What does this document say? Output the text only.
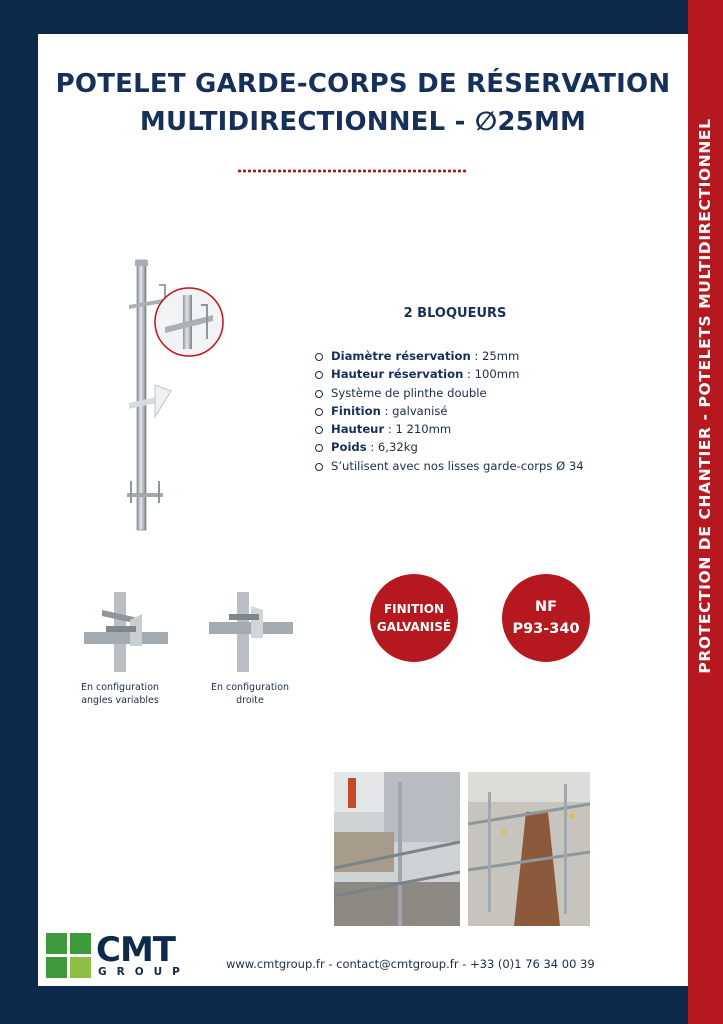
PROTECTION DE CHANTIER - POTELETS MULTIDIRECTIONNEL
POTELET GARDE-CORPS DE RÉSERVATION
MULTIDIRECTIONNEL - ∅25MM
2 BLOQUEURS
Diamètre réservation : 25mm
Hauteur réservation : 100mm
Système de plinthe double
Finition : galvanisé
Hauteur : 1 210mm
Poids : 6,32kg
S’utilisent avec nos lisses garde-corps Ø 34
FINITION
GALVANISÉ
NF
P93-340
En configuration
angles variables
En configuration
droite
CMT
GROUP
www.cmtgroup.fr - contact@cmtgroup.fr - +33 (0)1 76 34 00 39
